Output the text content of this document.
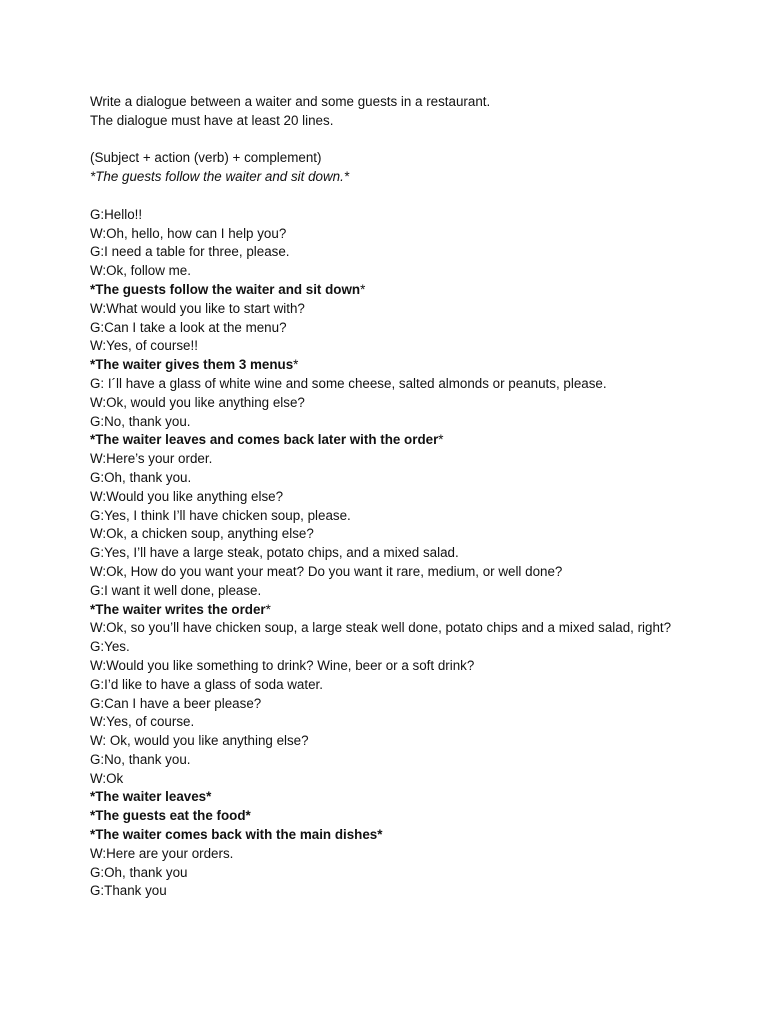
Write a dialogue between a waiter and some guests in a restaurant.
The dialogue must have at least 20 lines.
(Subject + action (verb) + complement)
*The guests follow the waiter and sit down.*
G:Hello!!
W:Oh, hello, how can I help you?
G:I need a table for three, please.
W:Ok, follow me.
*The guests follow the waiter and sit down*
W:What would you like to start with?
G:Can I take a look at the menu?
W:Yes, of course!!
*The waiter gives them 3 menus*
G: I´ll have a glass of white wine and some cheese, salted almonds or peanuts, please.
W:Ok, would you like anything else?
G:No, thank you.
*The waiter leaves and comes back later with the order*
W:Here’s your order.
G:Oh, thank you.
W:Would you like anything else?
G:Yes, I think I’ll have chicken soup, please.
W:Ok, a chicken soup, anything else?
G:Yes, I’ll have a large steak, potato chips, and a mixed salad.
W:Ok, How do you want your meat? Do you want it rare, medium, or well done?
G:I want it well done, please.
*The waiter writes the order*
W:Ok, so you’ll have chicken soup, a large steak well done, potato chips and a mixed salad, right?
G:Yes.
W:Would you like something to drink? Wine, beer or a soft drink?
G:I’d like to have a glass of soda water.
G:Can I have a beer please?
W:Yes, of course.
W: Ok, would you like anything else?
G:No, thank you.
W:Ok
*The waiter leaves*
*The guests eat the food*
*The waiter comes back with the main dishes*
W:Here are your orders.
G:Oh, thank you
G:Thank you
